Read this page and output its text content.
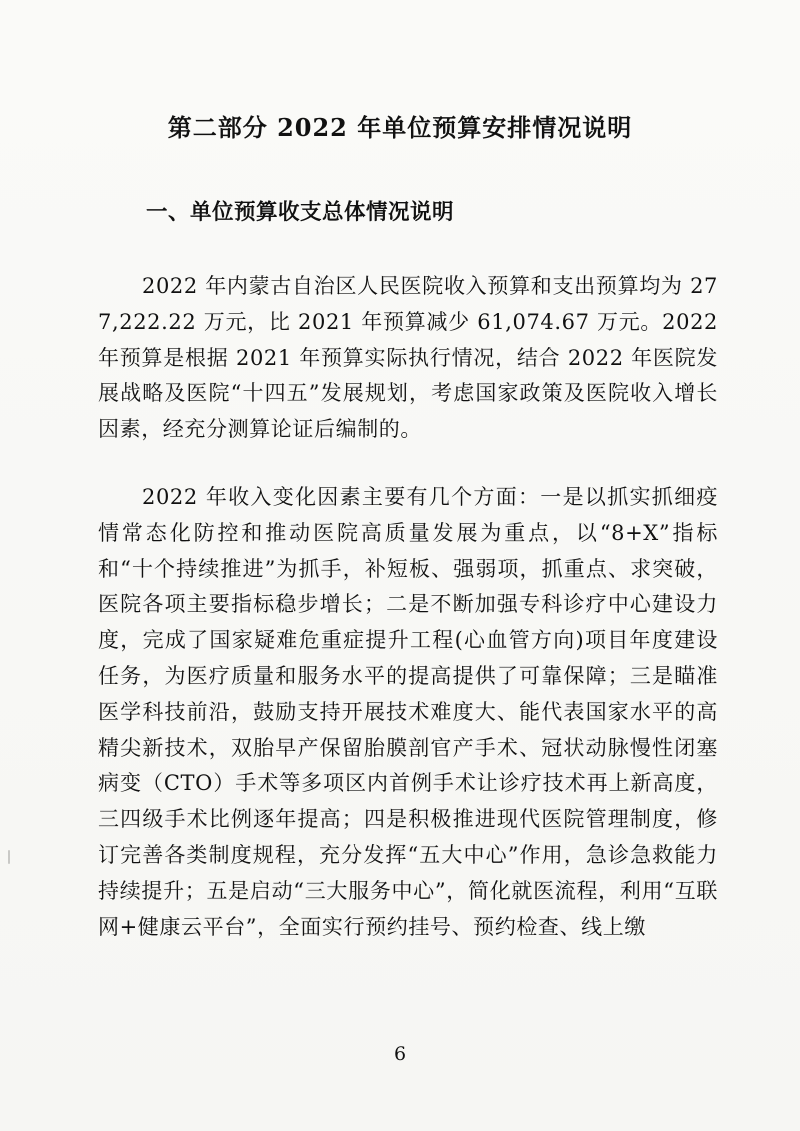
第二部分 2022 年单位预算安排情况说明
一、单位预算收支总体情况说明

2022 年内蒙古自治区人民医院收入预算和支出预算均为 277,222.22 万元，比 2021 年预算减少 61,074.67 万元。2022 年预算是根据 2021 年预算实际执行情况，结合 2022 年医院发展战略及医院“十四五”发展规划，考虑国家政策及医院收入增长因素，经充分测算论证后编制的。

2022 年收入变化因素主要有几个方面：一是以抓实抓细疫情常态化防控和推动医院高质量发展为重点，以“8+X”指标和“十个持续推进”为抓手，补短板、强弱项，抓重点、求突破，医院各项主要指标稳步增长；二是不断加强专科诊疗中心建设力度，完成了国家疑难危重症提升工程(心血管方向)项目年度建设任务，为医疗质量和服务水平的提高提供了可靠保障；三是瞄准医学科技前沿，鼓励支持开展技术难度大、能代表国家水平的高精尖新技术，双胎早产保留胎膜剖官产手术、冠状动脉慢性闭塞病变（CTO）手术等多项区内首例手术让诊疗技术再上新高度，三四级手术比例逐年提高；四是积极推进现代医院管理制度，修订完善各类制度规程，充分发挥“五大中心”作用，急诊急救能力持续提升；五是启动“三大服务中心”，简化就医流程，利用“互联网+健康云平台”，全面实行预约挂号、预约检查、线上缴

6
